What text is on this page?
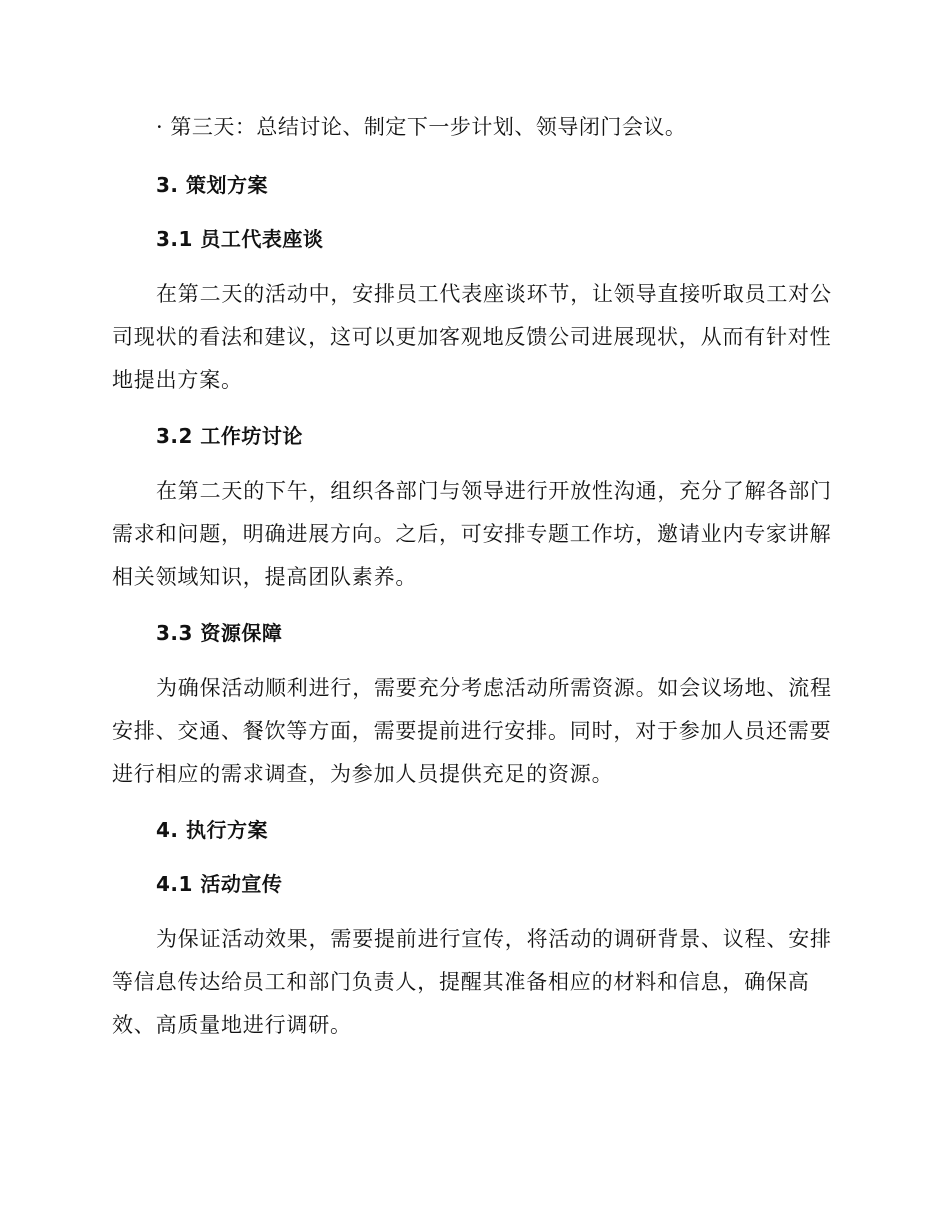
· 第三天：总结讨论、制定下一步计划、领导闭门会议。

3. 策划方案

3.1 员工代表座谈

在第二天的活动中，安排员工代表座谈环节，让领导直接听取员工对公司现状的看法和建议，这可以更加客观地反馈公司进展现状，从而有针对性地提出方案。

3.2 工作坊讨论

在第二天的下午，组织各部门与领导进行开放性沟通，充分了解各部门需求和问题，明确进展方向。之后，可安排专题工作坊，邀请业内专家讲解相关领域知识，提高团队素养。

3.3 资源保障

为确保活动顺利进行，需要充分考虑活动所需资源。如会议场地、流程安排、交通、餐饮等方面，需要提前进行安排。同时，对于参加人员还需要进行相应的需求调查，为参加人员提供充足的资源。

4. 执行方案

4.1 活动宣传

为保证活动效果，需要提前进行宣传，将活动的调研背景、议程、安排等信息传达给员工和部门负责人，提醒其准备相应的材料和信息，确保高效、高质量地进行调研。
